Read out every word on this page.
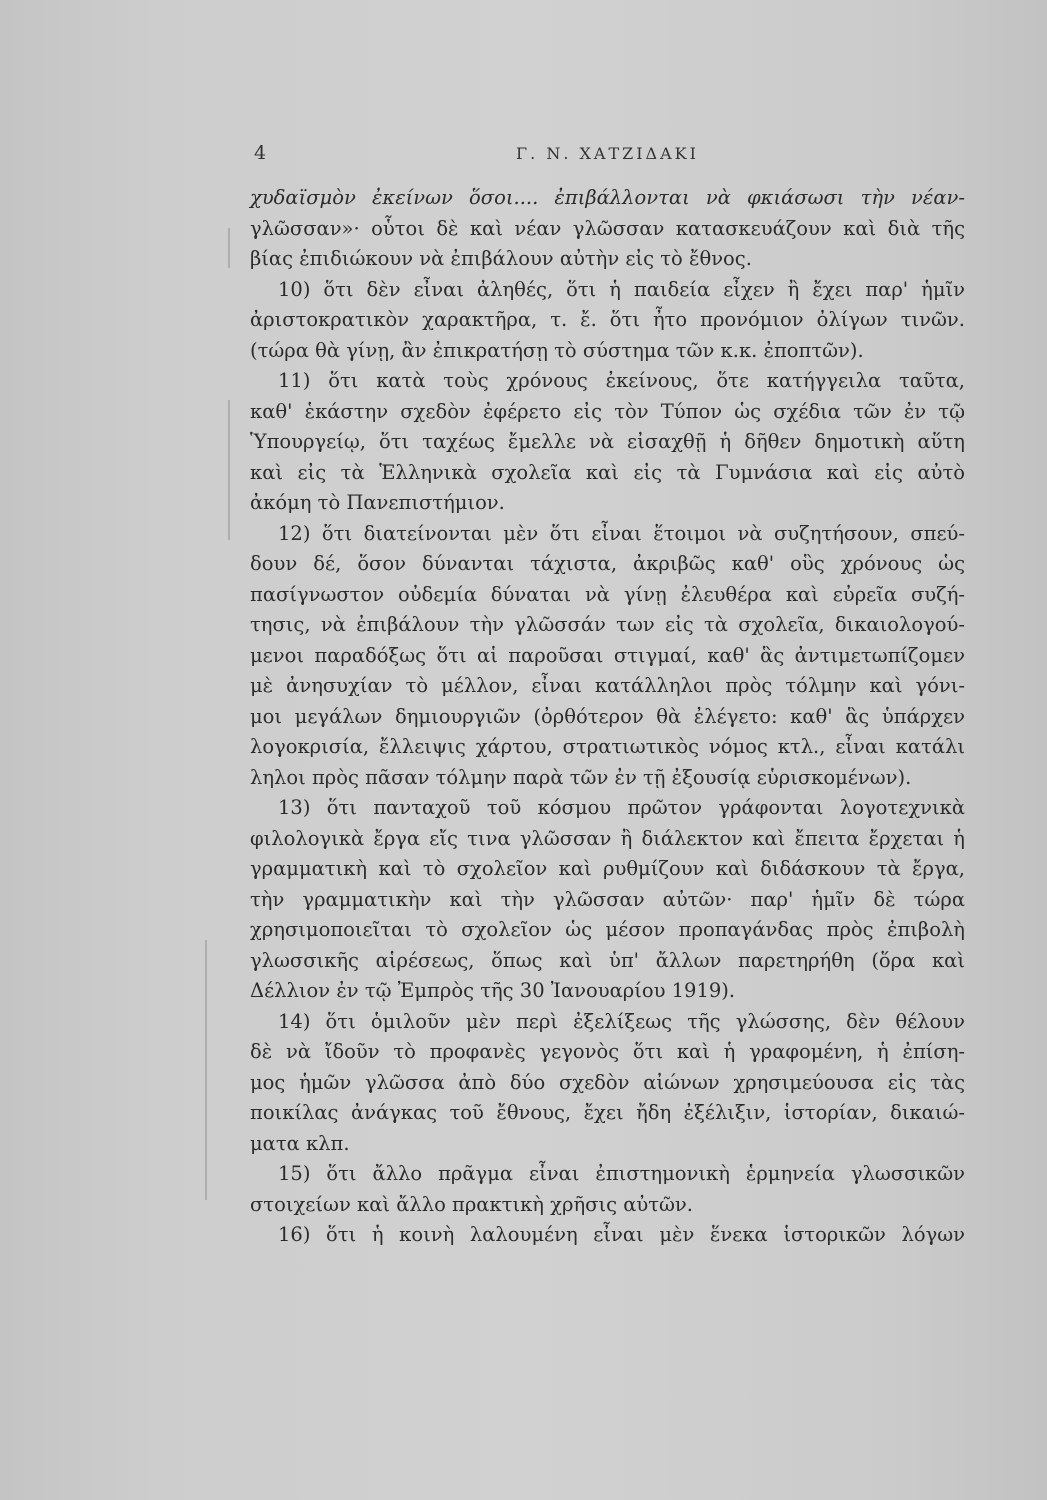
4	Γ. Ν. ΧΑΤΖΙΔΑΚΙ
χυδαϊσμὸν ἐκείνων ὅσοι.... ἐπιβάλλονται νὰ φκιάσωσι τὴν νέαν-
γλῶσσαν»· οὗτοι δὲ καὶ νέαν γλῶσσαν κατασκευάζουν καὶ διὰ τῆς
βίας ἐπιδιώκουν νὰ ἐπιβάλουν αὐτὴν εἰς τὸ ἔθνος.
10) ὅτι δὲν εἶναι ἀληθές, ὅτι ἡ παιδεία εἶχεν ἢ ἔχει παρ' ἡμῖν
ἀριστοκρατικὸν χαρακτῆρα, τ. ἔ. ὅτι ἦτο προνόμιον ὀλίγων τινῶν.
(τώρα θὰ γίνῃ, ἂν ἐπικρατήσῃ τὸ σύστημα τῶν κ.κ. ἐποπτῶν).
11) ὅτι κατὰ τοὺς χρόνους ἐκείνους, ὅτε κατήγγειλα ταῦτα,
καθ' ἑκάστην σχεδὸν ἐφέρετο εἰς τὸν Τύπον ὡς σχέδια τῶν ἐν τῷ
Ὑπουργείῳ, ὅτι ταχέως ἔμελλε νὰ εἰσαχθῇ ἡ δῆθεν δημοτικὴ αὕτη
καὶ εἰς τὰ Ἑλληνικὰ σχολεῖα καὶ εἰς τὰ Γυμνάσια καὶ εἰς αὐτὸ
ἀκόμη τὸ Πανεπιστήμιον.
12) ὅτι διατείνονται μὲν ὅτι εἶναι ἕτοιμοι νὰ συζητήσουν, σπεύ-
δουν δέ, ὅσον δύνανται τάχιστα, ἀκριβῶς καθ' οὓς χρόνους ὡς
πασίγνωστον οὐδεμία δύναται νὰ γίνῃ ἐλευθέρα καὶ εὐρεῖα συζή-
τησις, νὰ ἐπιβάλουν τὴν γλῶσσάν των εἰς τὰ σχολεῖα, δικαιολογού-
μενοι παραδόξως ὅτι αἱ παροῦσαι στιγμαί, καθ' ἃς ἀντιμετωπίζομεν
μὲ ἀνησυχίαν τὸ μέλλον, εἶναι κατάλληλοι πρὸς τόλμην καὶ γόνι-
μοι μεγάλων δημιουργιῶν (ὀρθότερον θὰ ἐλέγετο: καθ' ἃς ὑπάρχεν
λογοκρισία, ἔλλειψις χάρτου, στρατιωτικὸς νόμος κτλ., εἶναι κατάλι
ληλοι πρὸς πᾶσαν τόλμην παρὰ τῶν ἐν τῇ ἐξουσίᾳ εὑρισκομένων).
13) ὅτι πανταχοῦ τοῦ κόσμου πρῶτον γράφονται λογοτεχνικὰ
φιλολογικὰ ἔργα εἴς τινα γλῶσσαν ἢ διάλεκτον καὶ ἔπειτα ἔρχεται ἡ
γραμματικὴ καὶ τὸ σχολεῖον καὶ ρυθμίζουν καὶ διδάσκουν τὰ ἔργα,
τὴν γραμματικὴν καὶ τὴν γλῶσσαν αὐτῶν· παρ' ἡμῖν δὲ τώρα
χρησιμοποιεῖται τὸ σχολεῖον ὡς μέσον προπαγάνδας πρὸς ἐπιβολὴ
γλωσσικῆς αἱρέσεως, ὅπως καὶ ὑπ' ἄλλων παρετηρήθη (ὅρα καὶ
Δέλλιον ἐν τῷ Ἐμπρὸς τῆς 30 Ἰανουαρίου 1919).
14) ὅτι ὁμιλοῦν μὲν περὶ ἐξελίξεως τῆς γλώσσης, δὲν θέλουν
δὲ νὰ ἴδοῦν τὸ προφανὲς γεγονὸς ὅτι καὶ ἡ γραφομένη, ἡ ἐπίση-
μος ἡμῶν γλῶσσα ἀπὸ δύο σχεδὸν αἰώνων χρησιμεύουσα εἰς τὰς
ποικίλας ἀνάγκας τοῦ ἔθνους, ἔχει ἤδη ἐξέλιξιν, ἱστορίαν, δικαιώ-
ματα κλπ.
15) ὅτι ἄλλο πρᾶγμα εἶναι ἐπιστημονικὴ ἑρμηνεία γλωσσικῶν
στοιχείων καὶ ἄλλο πρακτικὴ χρῆσις αὐτῶν.
16) ὅτι ἡ κοινὴ λαλουμένη εἶναι μὲν ἕνεκα ἱστορικῶν λόγων
